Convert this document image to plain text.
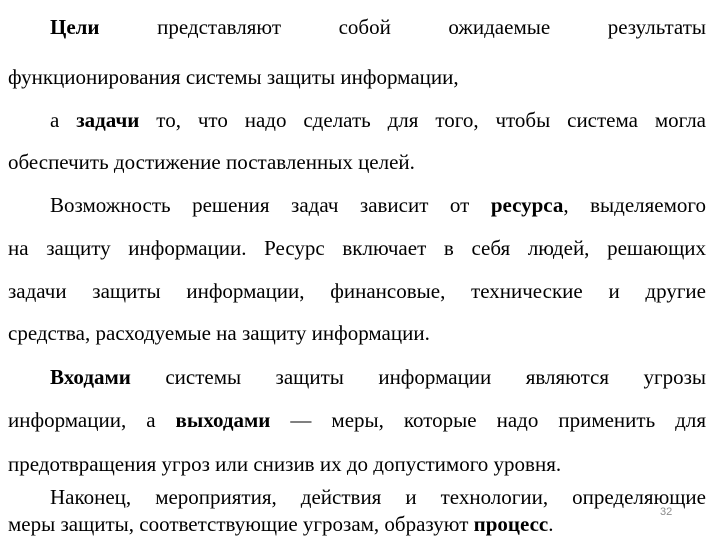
Цели представляют собой ожидаемые результаты
функционирования системы защиты информации,
а задачи то, что надо сделать для того, чтобы система могла
обеспечить достижение поставленных целей.
Возможность решения задач зависит от ресурса, выделяемого
на защиту информации. Ресурс включает в себя людей, решающих
задачи защиты информации, финансовые, технические и другие
средства, расходуемые на защиту информации.
Входами системы защиты информации являются угрозы
информации, а выходами — меры, которые надо применить для
предотвращения угроз или снизив их до допустимого уровня.
Наконец, мероприятия, действия и технологии, определяющие
меры защиты, соответствующие угрозам, образуют процесс.	32
